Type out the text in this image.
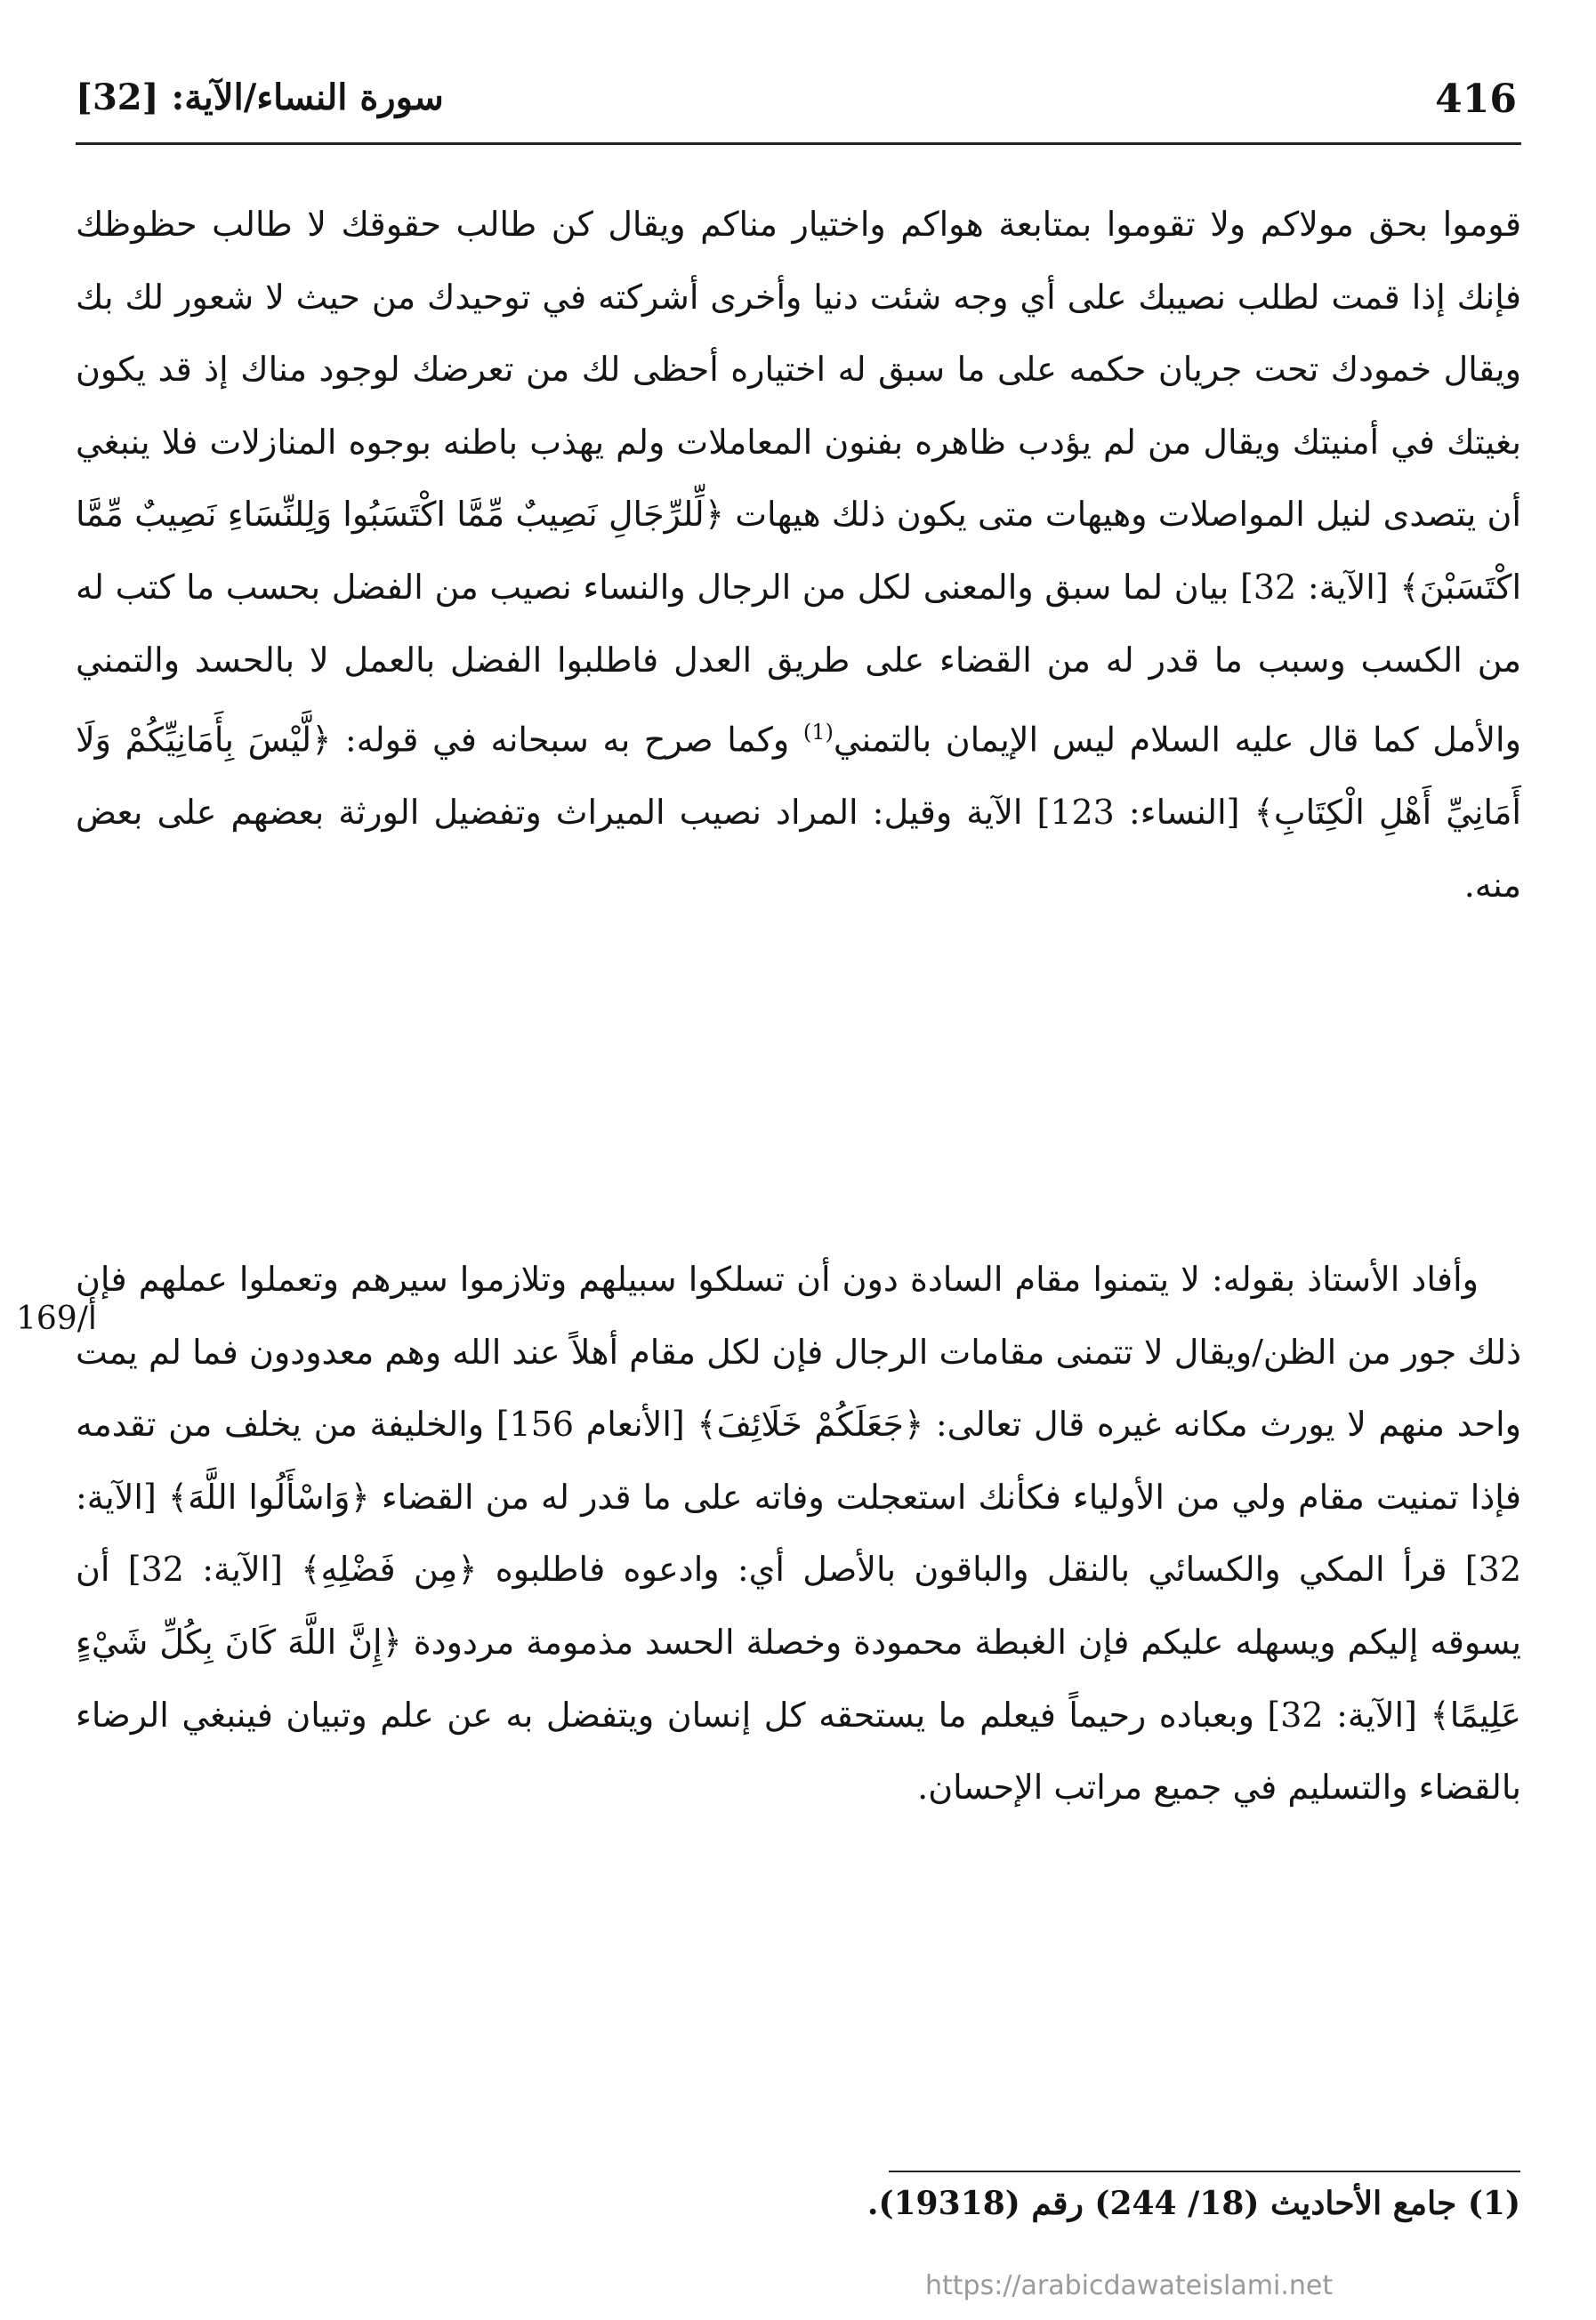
416
سورة النساء/الآية: [32]
قوموا بحق مولاكم ولا تقوموا بمتابعة هواكم واختيار مناكم ويقال كن طالب حقوقك لا طالب حظوظك فإنك إذا قمت لطلب نصيبك على أي وجه شئت دنيا وأخرى أشركته في توحيدك من حيث لا شعور لك بك ويقال خمودك تحت جريان حكمه على ما سبق له اختياره أحظى لك من تعرضك لوجود مناك إذ قد يكون بغيتك في أمنيتك ويقال من لم يؤدب ظاهره بفنون المعاملات ولم يهذب باطنه بوجوه المنازلات فلا ينبغي أن يتصدى لنيل المواصلات وهيهات متى يكون ذلك هيهات ﴿لِّلرِّجَالِ نَصِيبٌ مِّمَّا اكْتَسَبُوا وَلِلنِّسَاءِ نَصِيبٌ مِّمَّا اكْتَسَبْنَ﴾ [الآية: 32] بيان لما سبق والمعنى لكل من الرجال والنساء نصيب من الفضل بحسب ما كتب له من الكسب وسبب ما قدر له من القضاء على طريق العدل فاطلبوا الفضل بالعمل لا بالحسد والتمني والأمل كما قال عليه السلام ليس الإيمان بالتمني$^{(1)}$ وكما صرح به سبحانه في قوله: ﴿لَّيْسَ بِأَمَانِيِّكُمْ وَلَا أَمَانِيِّ أَهْلِ الْكِتَابِ﴾ [النساء: 123] الآية وقيل: المراد نصيب الميراث وتفضيل الورثة بعضهم على بعض منه.
وأفاد الأستاذ بقوله: لا يتمنوا مقام السادة دون أن تسلكوا سبيلهم وتلازموا سيرهم وتعملوا عملهم فإن ذلك جور من الظن/ويقال لا تتمنى مقامات الرجال فإن لكل مقام أهلاً عند الله وهم معدودون فما لم يمت واحد منهم لا يورث مكانه غيره قال تعالى: ﴿جَعَلَكُمْ خَلَائِفَ﴾ [الأنعام 156] والخليفة من يخلف من تقدمه فإذا تمنيت مقام ولي من الأولياء فكأنك استعجلت وفاته على ما قدر له من القضاء ﴿وَاسْأَلُوا اللَّهَ﴾ [الآية: 32] قرأ المكي والكسائي بالنقل والباقون بالأصل أي: وادعوه فاطلبوه ﴿مِن فَضْلِهِ﴾ [الآية: 32] أن يسوقه إليكم ويسهله عليكم فإن الغبطة محمودة وخصلة الحسد مذمومة مردودة ﴿إِنَّ اللَّهَ كَانَ بِكُلِّ شَيْءٍ عَلِيمًا﴾ [الآية: 32] وبعباده رحيماً فيعلم ما يستحقه كل إنسان ويتفضل به عن علم وتبيان فينبغي الرضاء بالقضاء والتسليم في جميع مراتب الإحسان.
169/أ
(1) جامع الأحاديث (18/ 244) رقم (19318).
https://arabicdawateislami.net
